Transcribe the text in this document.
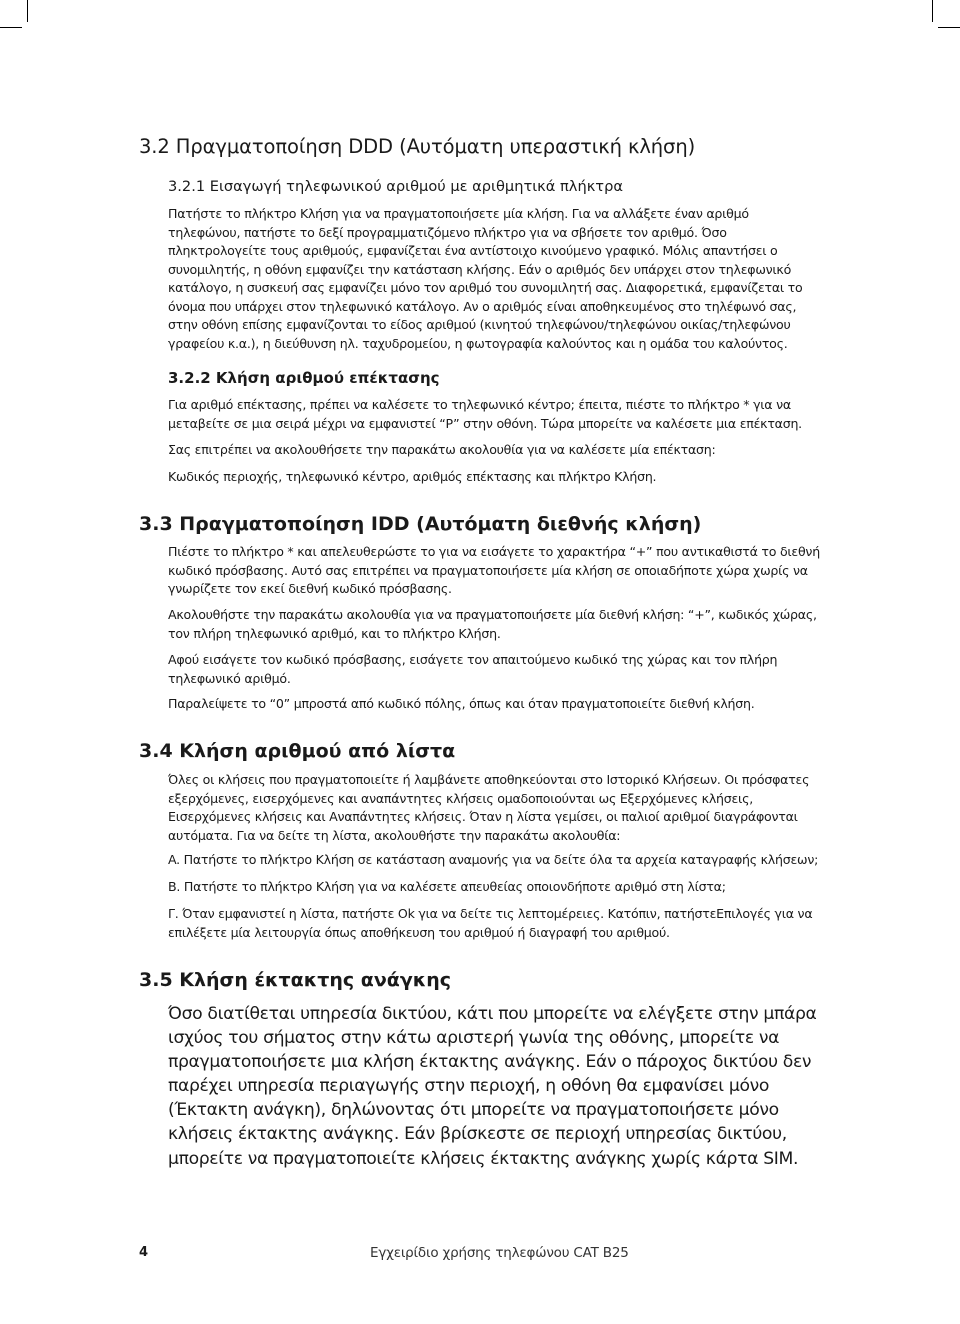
3.2 Πραγματοποίηση DDD (Αυτόματη υπεραστική κλήση)
3.2.1 Εισαγωγή τηλεφωνικού αριθμού με αριθμητικά πλήκτρα

Πατήστε το πλήκτρο Κλήση για να πραγματοποιήσετε μία κλήση. Για να αλλάξετε έναν αριθμό τηλεφώνου, πατήστε το δεξί προγραμματιζόμενο πλήκτρο για να σβήσετε τον αριθμό. Όσο πληκτρολογείτε τους αριθμούς, εμφανίζεται ένα αντίστοιχο κινούμενο γραφικό. Μόλις απαντήσει ο συνομιλητής, η οθόνη εμφανίζει την κατάσταση κλήσης. Εάν ο αριθμός δεν υπάρχει στον τηλεφωνικό κατάλογο, η συσκευή σας εμφανίζει μόνο τον αριθμό του συνομιλητή σας. Διαφορετικά, εμφανίζεται το όνομα που υπάρχει στον τηλεφωνικό κατάλογο. Αν ο αριθμός είναι αποθηκευμένος στο τηλέφωνό σας, στην οθόνη επίσης εμφανίζονται το είδος αριθμού (κινητού τηλεφώνου/τηλεφώνου οικίας/τηλεφώνου γραφείου κ.α.), η διεύθυνση ηλ. ταχυδρομείου, η φωτογραφία καλούντος και η ομάδα του καλούντος.

3.2.2 Κλήση αριθμού επέκτασης

Για αριθμό επέκτασης, πρέπει να καλέσετε το τηλεφωνικό κέντρο; έπειτα, πιέστε το πλήκτρο * για να μεταβείτε σε μια σειρά μέχρι να εμφανιστεί “P” στην οθόνη. Τώρα μπορείτε να καλέσετε μια επέκταση.

Σας επιτρέπει να ακολουθήσετε την παρακάτω ακολουθία για να καλέσετε μία επέκταση:

Κωδικός περιοχής, τηλεφωνικό κέντρο, αριθμός επέκτασης και πλήκτρο Κλήση.

3.3 Πραγματοποίηση IDD (Αυτόματη διεθνής κλήση)

Πιέστε το πλήκτρο * και απελευθερώστε το για να εισάγετε το χαρακτήρα “+” που αντικαθιστά το διεθνή κωδικό πρόσβασης. Αυτό σας επιτρέπει να πραγματοποιήσετε μία κλήση σε οποιαδήποτε χώρα χωρίς να γνωρίζετε τον εκεί διεθνή κωδικό πρόσβασης.

Ακολουθήστε την παρακάτω ακολουθία για να πραγματοποιήσετε μία διεθνή κλήση: “+”, κωδικός χώρας, τον πλήρη τηλεφωνικό αριθμό, και το πλήκτρο Κλήση.

Αφού εισάγετε τον κωδικό πρόσβασης, εισάγετε τον απαιτούμενο κωδικό της χώρας και τον πλήρη τηλεφωνικό αριθμό.

Παραλείψετε το “0” μπροστά από κωδικό πόλης, όπως και όταν πραγματοποιείτε διεθνή κλήση.

3.4 Κλήση αριθμού από λίστα

Όλες οι κλήσεις που πραγματοποιείτε ή λαμβάνετε αποθηκεύονται στο Ιστορικό Κλήσεων. Οι πρόσφατες εξερχόμενες, εισερχόμενες και αναπάντητες κλήσεις ομαδοποιούνται ως Εξερχόμενες κλήσεις, Εισερχόμενες κλήσεις και Αναπάντητες κλήσεις. Όταν η λίστα γεμίσει, οι παλιοί αριθμοί διαγράφονται αυτόματα. Για να δείτε τη λίστα, ακολουθήστε την παρακάτω ακολουθία:

A. Πατήστε το πλήκτρο Κλήση σε κατάσταση αναμονής για να δείτε όλα τα αρχεία καταγραφής κλήσεων;

B. Πατήστε το πλήκτρο Κλήση για να καλέσετε απευθείας οποιονδήποτε αριθμό στη λίστα;

Γ. Όταν εμφανιστεί η λίστα, πατήστε Ok για να δείτε τις λεπτομέρειες. Κατόπιν, πατήστεΕπιλογές για να επιλέξετε μία λειτουργία όπως αποθήκευση του αριθμού ή διαγραφή του αριθμού.

3.5 Κλήση έκτακτης ανάγκης

Όσο διατίθεται υπηρεσία δικτύου, κάτι που μπορείτε να ελέγξετε στην μπάρα ισχύος του σήματος στην κάτω αριστερή γωνία της οθόνης, μπορείτε να πραγματοποιήσετε μια κλήση έκτακτης ανάγκης. Εάν ο πάροχος δικτύου δεν παρέχει υπηρεσία περιαγωγής στην περιοχή, η οθόνη θα εμφανίσει μόνο (Έκτακτη ανάγκη), δηλώνοντας ότι μπορείτε να πραγματοποιήσετε μόνο κλήσεις έκτακτης ανάγκης. Εάν βρίσκεστε σε περιοχή υπηρεσίας δικτύου, μπορείτε να πραγματοποιείτε κλήσεις έκτακτης ανάγκης χωρίς κάρτα SIM.

4	Εγχειρίδιο χρήσης τηλεφώνου CAT B25
